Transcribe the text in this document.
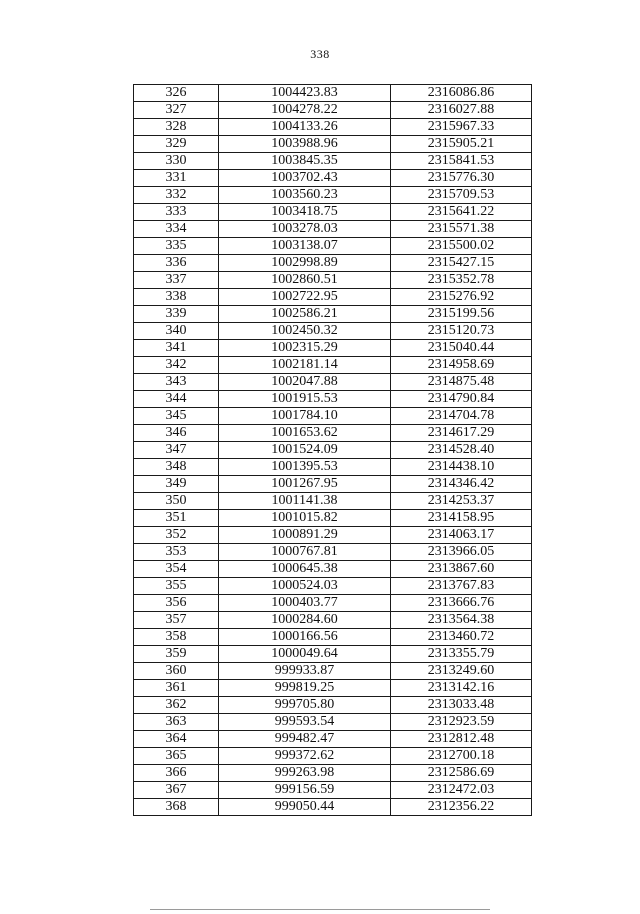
338
326	1004423.83	2316086.86
327	1004278.22	2316027.88
328	1004133.26	2315967.33
329	1003988.96	2315905.21
330	1003845.35	2315841.53
331	1003702.43	2315776.30
332	1003560.23	2315709.53
333	1003418.75	2315641.22
334	1003278.03	2315571.38
335	1003138.07	2315500.02
336	1002998.89	2315427.15
337	1002860.51	2315352.78
338	1002722.95	2315276.92
339	1002586.21	2315199.56
340	1002450.32	2315120.73
341	1002315.29	2315040.44
342	1002181.14	2314958.69
343	1002047.88	2314875.48
344	1001915.53	2314790.84
345	1001784.10	2314704.78
346	1001653.62	2314617.29
347	1001524.09	2314528.40
348	1001395.53	2314438.10
349	1001267.95	2314346.42
350	1001141.38	2314253.37
351	1001015.82	2314158.95
352	1000891.29	2314063.17
353	1000767.81	2313966.05
354	1000645.38	2313867.60
355	1000524.03	2313767.83
356	1000403.77	2313666.76
357	1000284.60	2313564.38
358	1000166.56	2313460.72
359	1000049.64	2313355.79
360	999933.87	2313249.60
361	999819.25	2313142.16
362	999705.80	2313033.48
363	999593.54	2312923.59
364	999482.47	2312812.48
365	999372.62	2312700.18
366	999263.98	2312586.69
367	999156.59	2312472.03
368	999050.44	2312356.22
